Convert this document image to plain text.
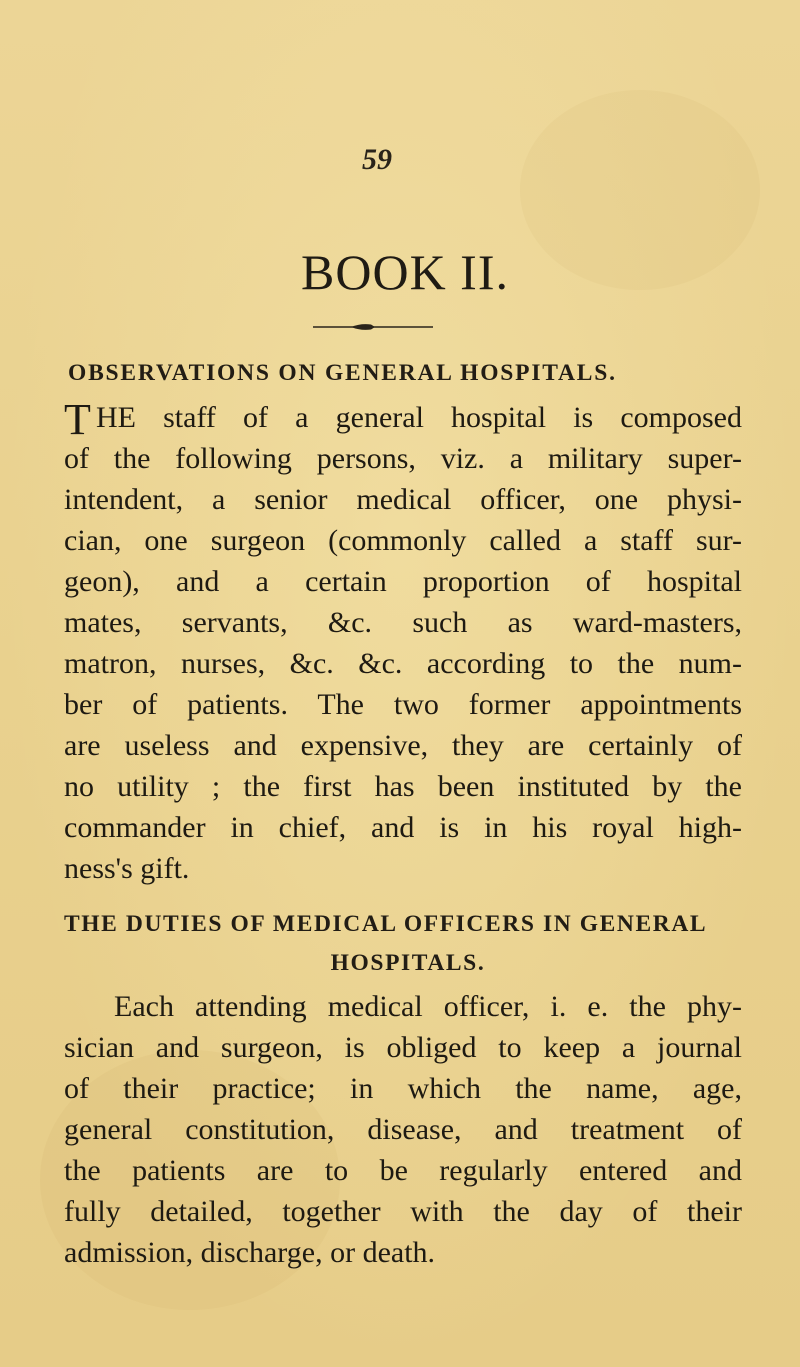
59
BOOK II.
OBSERVATIONS ON GENERAL HOSPITALS.
T HE staff of a general hospital is composed
of the following persons, viz. a military super-
intendent, a senior medical officer, one physi-
cian, one surgeon (commonly called a staff sur-
geon), and a certain proportion of hospital
mates, servants, &c. such as ward-masters,
matron, nurses, &c. &c. according to the num-
ber of patients. The two former appointments
are useless and expensive, they are certainly of
no utility ; the first has been instituted by the
commander in chief, and is in his royal high-
ness's gift.
THE DUTIES OF MEDICAL OFFICERS IN GENERAL
HOSPITALS.
Each attending medical officer, i. e. the phy-
sician and surgeon, is obliged to keep a journal
of their practice; in which the name, age,
general constitution, disease, and treatment of
the patients are to be regularly entered and
fully detailed, together with the day of their
admission, discharge, or death.
